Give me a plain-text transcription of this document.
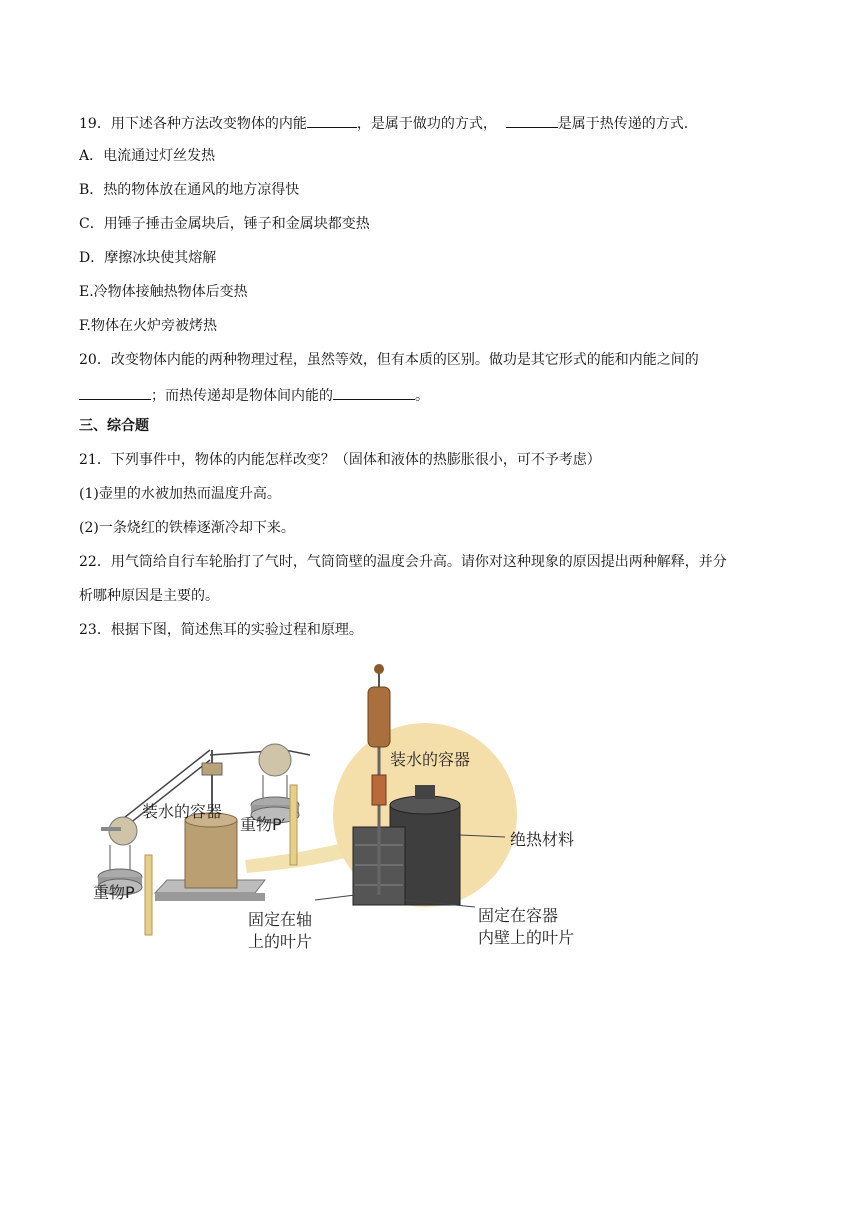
19．用下述各种方法改变物体的内能	，是属于做功的方式，	是属于热传递的方式.
A．电流通过灯丝发热
B．热的物体放在通风的地方凉得快
C．用锤子捶击金属块后，锤子和金属块都变热
D．摩擦冰块使其熔解
E.冷物体接触热物体后变热
F.物体在火炉旁被烤热
20．改变物体内能的两种物理过程，虽然等效，但有本质的区别。做功是其它形式的能和内能之间的
；而热传递却是物体间内能的	。
三、综合题
21．下列事件中，物体的内能怎样改变？（固体和液体的热膨胀很小，可不予考虑）
(1)壶里的水被加热而温度升高。
(2)一条烧红的铁棒逐渐冷却下来。
22．用气筒给自行车轮胎打了气时，气筒筒壁的温度会升高。请你对这种现象的原因提出两种解释，并分
析哪种原因是主要的。
23．根据下图，简述焦耳的实验过程和原理。
装水的容器
装水的容器
重物P
重物P′
绝热材料
固定在轴
上的叶片
固定在容器
内壁上的叶片
